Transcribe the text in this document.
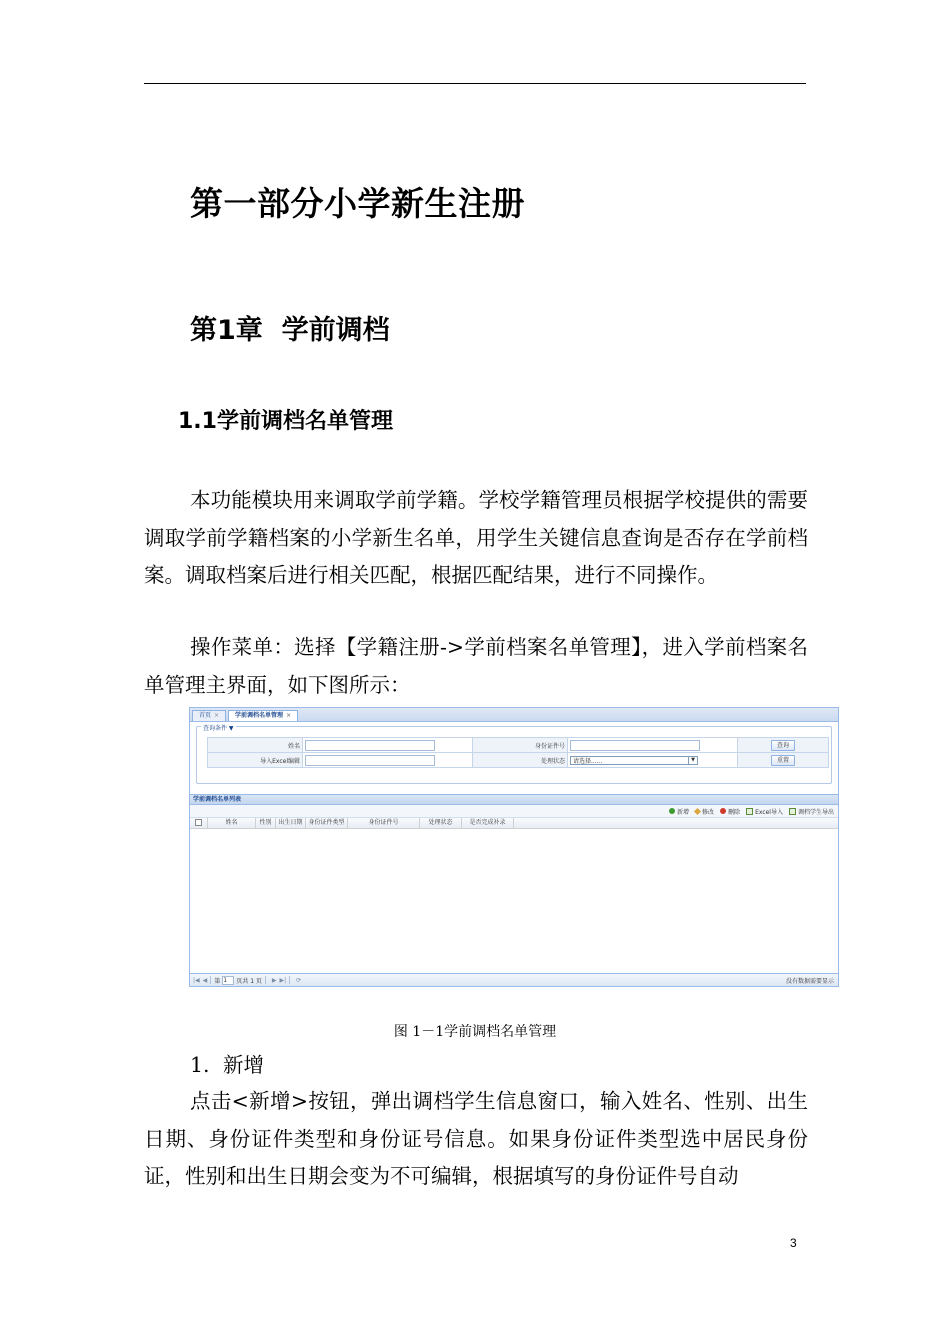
第一部分小学新生注册
第1章 学前调档
1.1学前调档名单管理

本功能模块用来调取学前学籍。学校学籍管理员根据学校提供的需要调取学前学籍档案的小学新生名单，用学生关键信息查询是否存在学前档案。调取档案后进行相关匹配，根据匹配结果，进行不同操作。

操作菜单：选择【学籍注册->学前档案名单管理】，进入学前档案名单管理主界面，如下图所示：

首页 ×	学前调档名单管理 ×
查询条件 ▼
姓名		身份证件号		查询
导入Excel编辑		处理状态	请选择...... ▼	重置
学前调档名单列表
新增 修改 删除	Excel导入	调档学生导出
姓名	性别	出生日期 身份证件类型	身份证件号	处理状态	是否完成补录
|◀ ◀ 第 1	页共 1 页 ▶ ▶| ⟳	没有数据需要显示
图 1－1学前调档名单管理
1. 新增

点击<新增>按钮，弹出调档学生信息窗口，输入姓名、性别、出生日期、身份证件类型和身份证号信息。如果身份证件类型选中居民身份证，性别和出生日期会变为不可编辑，根据填写的身份证件号自动

3
